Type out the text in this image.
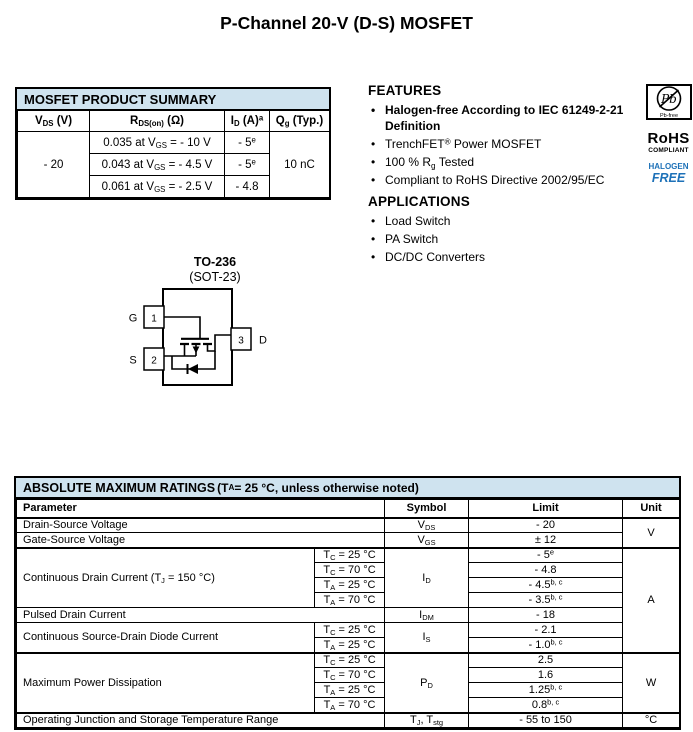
P-Channel 20-V (D-S) MOSFET
MOSFET PRODUCT SUMMARY
$V_{DS}$ (V)	$R_{DS(on)}$ (Ω)	$I_D$ $(A)^a$	$Q_g$ (Typ.)
- 20	0.035 at $V_{GS}$ = - 10 V	- 5e	10 nC
	0.043 at $V_{GS}$ = - 4.5 V	- 5e
	0.061 at $V_{GS}$ = - 2.5 V	- 4.8	
FEATURES
• Halogen-free According to IEC 61249-2-21 Definition
• TrenchFET® Power MOSFET
• 100 % $R_g$ Tested
• Compliant to RoHS Directive 2002/95/EC
Pb
Pb-free
RoHS
COMPLIANT
HALOGEN
FREE
APPLICATIONS
• Load Switch
• PA Switch
• DC/DC Converters
TO-236
(SOT-23)
1
2
3
G
S
D
ABSOLUTE MAXIMUM RATINGS (T A = 25 °C, unless otherwise noted)
Parameter		Symbol	Limit	Unit
Drain-Source Voltage		$V_{DS}$	- 20	V
Gate-Source Voltage		$V_{GS}$	± 12	
Continuous Drain Current ($T_J = 150$ °C)	$T_C = 25$ °C	$I_D$	- 5e	A
	$T_C = 70$ °C		- 4.8	
	$T_A = 25$ °C		- 4.5$^{b, c}$
	$T_A = 70$ °C		- 3.5$^{b, c}$
Pulsed Drain Current		$I_{DM}$	- 18	
Continuous Source-Drain Diode Current	$T_C = 25$ °C	$I_S$	- 2.1	
	$T_A = 25$ °C		- 1.0$^{b, c}$
Maximum Power Dissipation	$T_C = 25$ °C	$P_D$	2.5	W
	$T_C = 70$ °C		1.6	
	$T_A = 25$ °C		1.25$^{b, c}$
	$T_A = 70$ °C		0.8$^{b, c}$
Operating Junction and Storage Temperature Range		$T_J$, $T_{stg}$	- 55 to 150	°C
